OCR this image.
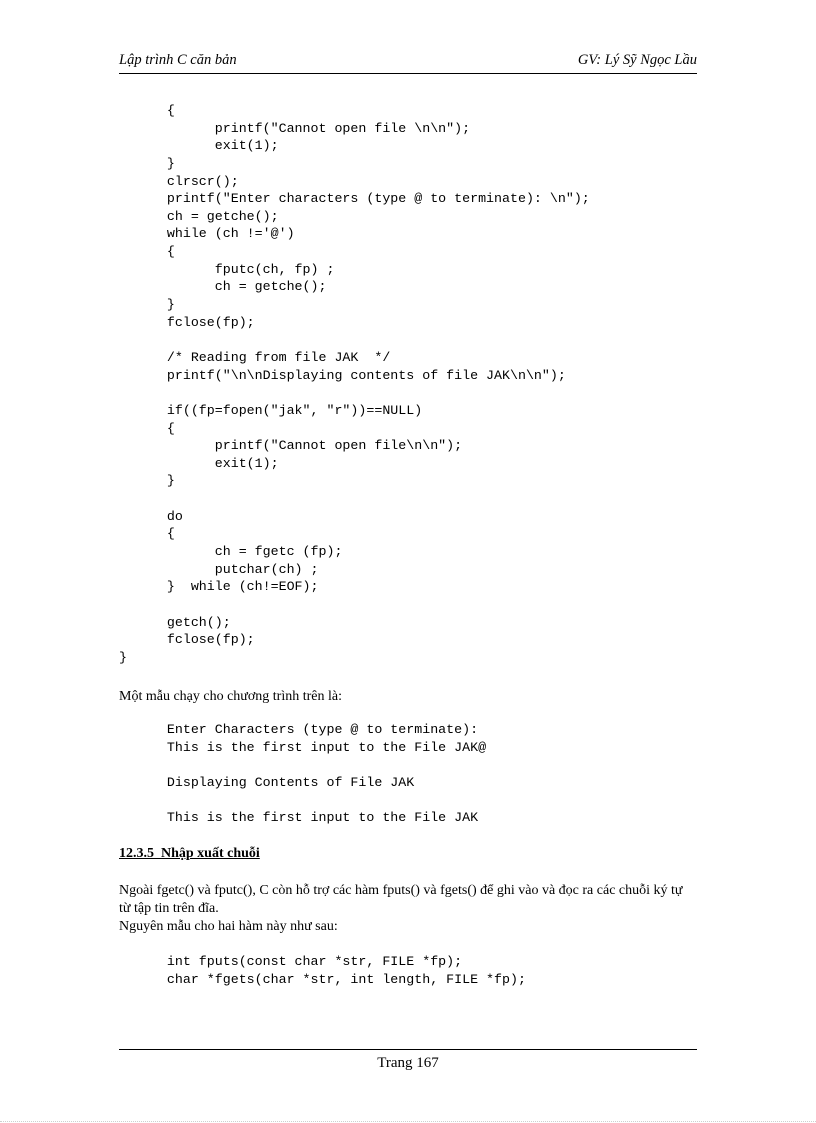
Lập trình C căn bản	GV: Lý Sỹ Ngọc Lầu
{
printf("Cannot open file \n\n");
exit(1);
}
clrscr();
printf("Enter characters (type @ to terminate): \n");
ch = getche();
while (ch !='@')
{
fputc(ch, fp) ;
ch = getche();
}
fclose(fp);
/* Reading from file JAK  */
printf("\n\nDisplaying contents of file JAK\n\n");
if((fp=fopen("jak", "r"))==NULL)
{
printf("Cannot open file\n\n");
exit(1);
}
do
{
ch = fgetc (fp);
putchar(ch) ;
}  while (ch!=EOF);
getch();
fclose(fp);
}
Một mẫu chạy cho chương trình trên là:
Enter Characters (type @ to terminate):
This is the first input to the File JAK@
Displaying Contents of File JAK
This is the first input to the File JAK
12.3.5  Nhập xuất chuỗi
Ngoài fgetc() và fputc(), C còn hỗ trợ các hàm fputs() và fgets() để ghi vào và đọc ra các chuỗi ký tự từ tập tin trên đĩa.
Nguyên mẫu cho hai hàm này như sau:
int fputs(const char *str, FILE *fp);
char *fgets(char *str, int length, FILE *fp);
Trang 167
